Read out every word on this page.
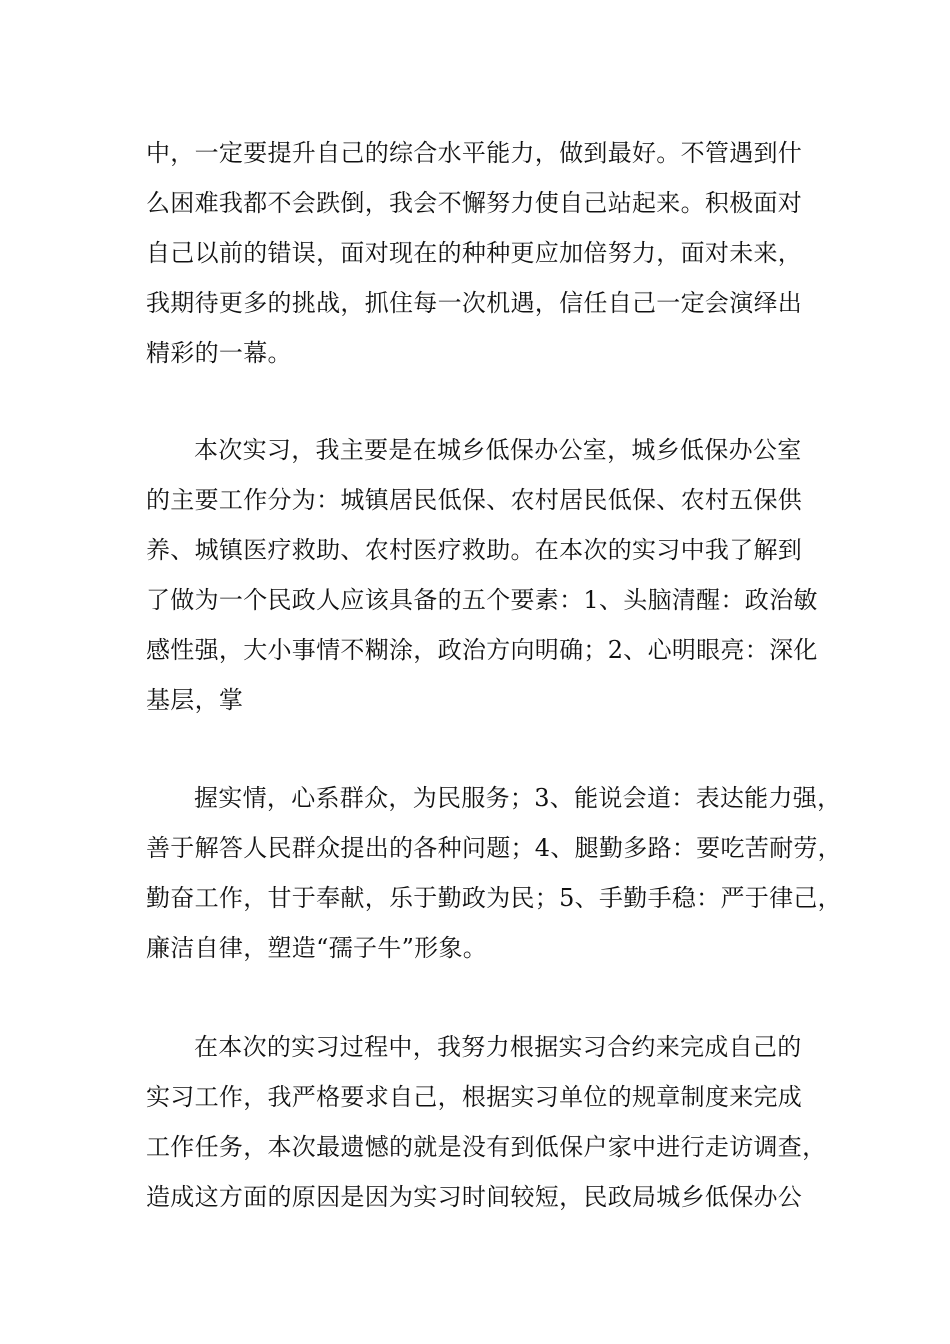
中，一定要提升自己的综合水平能力，做到最好。不管遇到什
么困难我都不会跌倒，我会不懈努力使自己站起来。积极面对
自己以前的错误，面对现在的种种更应加倍努力，面对未来，
我期待更多的挑战，抓住每一次机遇，信任自己一定会演绎出
精彩的一幕。
本次实习，我主要是在城乡低保办公室，城乡低保办公室
的主要工作分为：城镇居民低保、农村居民低保、农村五保供
养、城镇医疗救助、农村医疗救助。在本次的实习中我了解到
了做为一个民政人应该具备的五个要素：1、头脑清醒：政治敏
感性强，大小事情不糊涂，政治方向明确；2、心明眼亮：深化
基层，掌
握实情，心系群众，为民服务；3、能说会道：表达能力强，
善于解答人民群众提出的各种问题；4、腿勤多路：要吃苦耐劳，
勤奋工作，甘于奉献，乐于勤政为民；5、手勤手稳：严于律己，
廉洁自律，塑造“孺子牛”形象。
在本次的实习过程中，我努力根据实习合约来完成自己的
实习工作，我严格要求自己，根据实习单位的规章制度来完成
工作任务，本次最遗憾的就是没有到低保户家中进行走访调查，
造成这方面的原因是因为实习时间较短，民政局城乡低保办公
